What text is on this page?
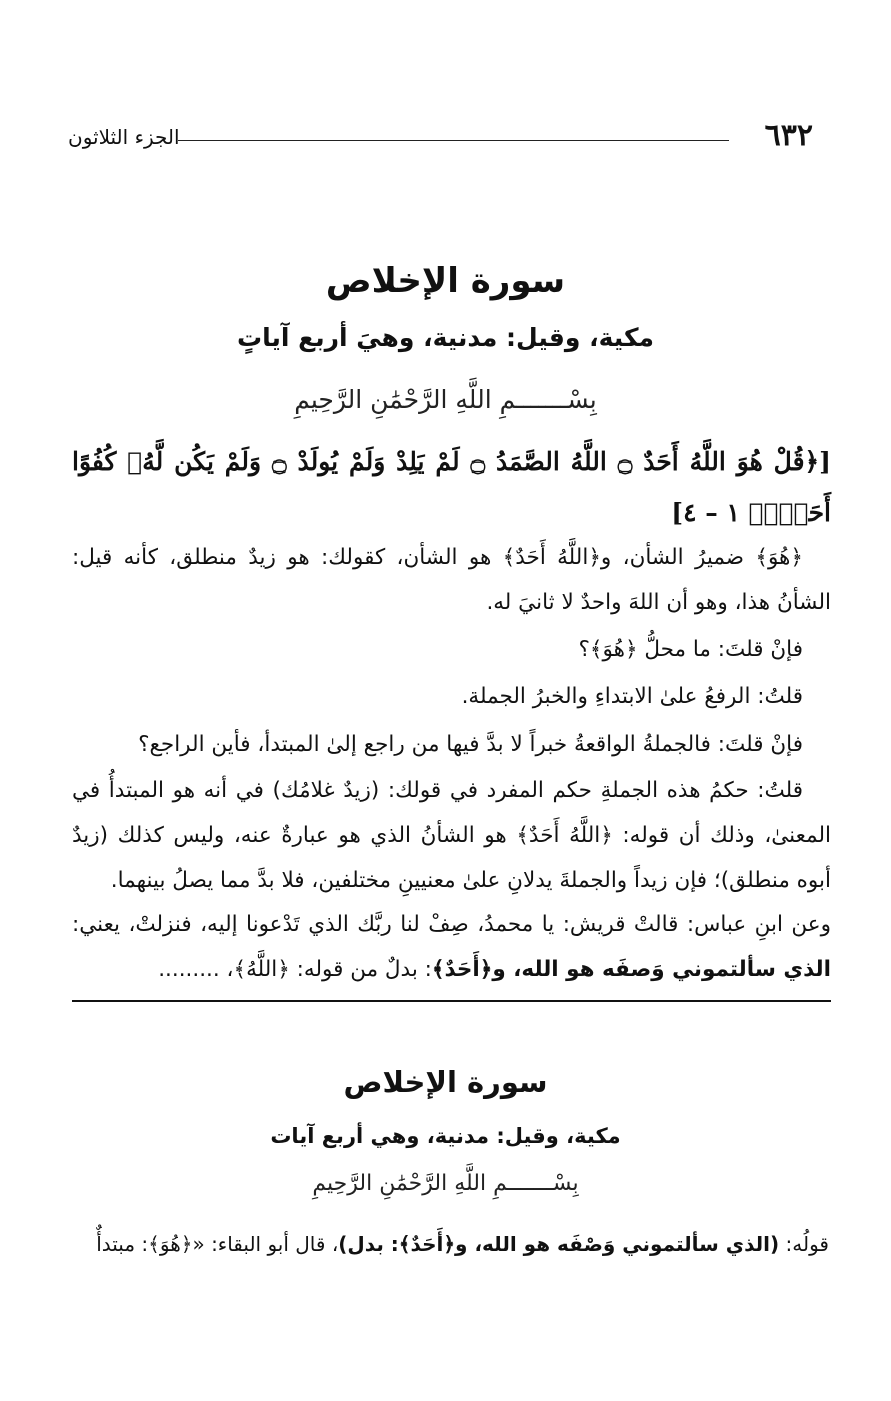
٦٣٢
الجزء الثلاثون
سورة الإخلاص
مكية، وقيل: مدنية، وهيَ أربع آياتٍ
بِسْـــــــمِ اللَّهِ الرَّحْمَٰنِ الرَّحِيمِ
[﴿قُلْ هُوَ اللَّهُ أَحَدٌ ۝ اللَّهُ الصَّمَدُ ۝ لَمْ يَلِدْ وَلَمْ يُولَدْ ۝ وَلَمْ يَكُن لَّهُۥ كُفُوًا أَحَدٌۢ﴾ ١ – ٤]
﴿هُوَ﴾ ضميرُ الشأن، و﴿اللَّهُ أَحَدٌ﴾ هو الشأن، كقولك: هو زيدٌ منطلق، كأنه قيل: الشأنُ هذا، وهو أن اللهَ واحدٌ لا ثانيَ له.
فإنْ قلتَ: ما محلُّ ﴿هُوَ﴾؟
قلتُ: الرفعُ علىٰ الابتداءِ والخبرُ الجملة.
فإنْ قلتَ: فالجملةُ الواقعةُ خبراً لا بدَّ فيها من راجع إلىٰ المبتدأ، فأين الراجع؟
قلتُ: حكمُ هذه الجملةِ حكم المفرد في قولك: (زيدٌ غلامُك) في أنه هو المبتدأُ في المعنىٰ، وذلك أن قوله: ﴿اللَّهُ أَحَدٌ﴾ هو الشأنُ الذي هو عبارةٌ عنه، وليس كذلك (زيدٌ أبوه منطلق)؛ فإن زيداً والجملةَ يدلانِ علىٰ معنيينِ مختلفين، فلا بدَّ مما يصلُ بينهما.
وعن ابنِ عباس: قالتْ قريش: يا محمدُ، صِفْ لنا ربَّك الذي تَدْعونا إليه، فنزلتْ، يعني: الذي سألتموني وَصفَه هو الله، و﴿أَحَدٌ﴾: بدلٌ من قوله: ﴿اللَّهُ﴾، .........
سورة الإخلاص
مكية، وقيل: مدنية، وهي أربع آيات
بِسْـــــــمِ اللَّهِ الرَّحْمَٰنِ الرَّحِيمِ
قولُه: (الذي سألتموني وَصْفَه هو الله، و﴿أَحَدٌ﴾: بدل)، قال أبو البقاء: «﴿هُوَ﴾: مبتدأٌ
